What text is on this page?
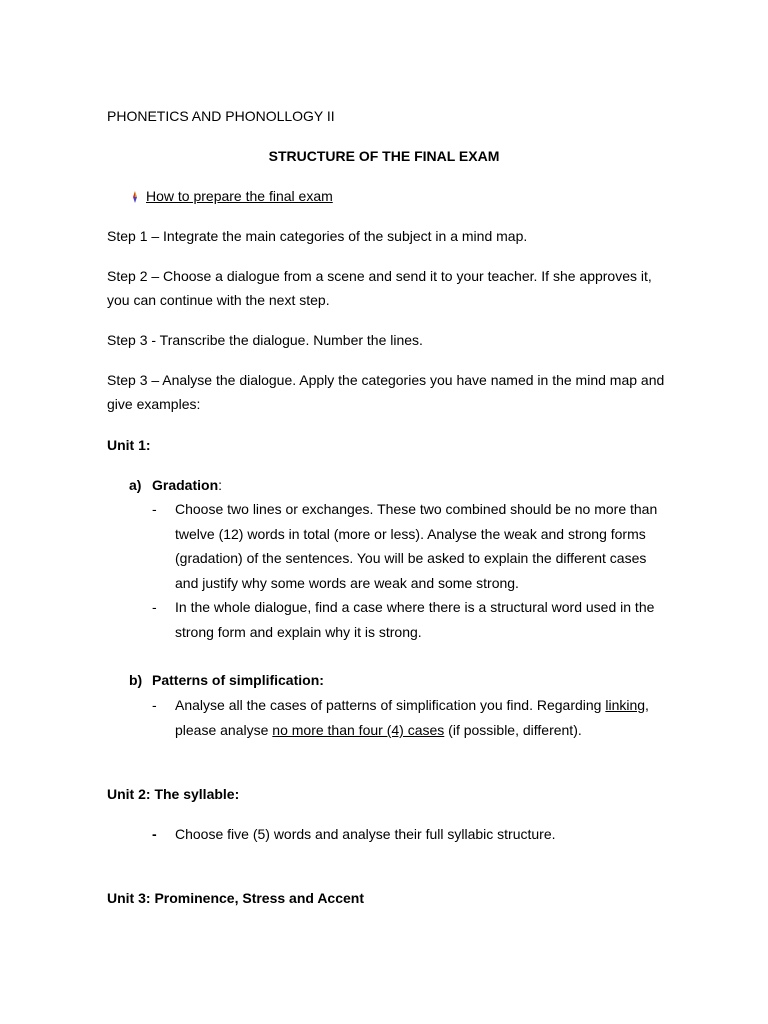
PHONETICS AND PHONOLLOGY II
STRUCTURE OF THE FINAL EXAM
How to prepare the final exam
Step 1 – Integrate the main categories of the subject in a mind map.
Step 2 – Choose a dialogue from a scene and send it to your teacher. If she approves it,
you can continue with the next step.
Step 3 - Transcribe the dialogue. Number the lines.
Step 3 – Analyse the dialogue. Apply the categories you have named in the mind map and
give examples:
Unit 1:
a) Gradation:
- Choose two lines or exchanges. These two combined should be no more than
twelve (12) words in total (more or less). Analyse the weak and strong forms
(gradation) of the sentences. You will be asked to explain the different cases
and justify why some words are weak and some strong.
- In the whole dialogue, find a case where there is a structural word used in the
strong form and explain why it is strong.
b) Patterns of simplification:
- Analyse all the cases of patterns of simplification you find. Regarding linking,
please analyse no more than four (4) cases (if possible, different).
Unit 2: The syllable:
- Choose five (5) words and analyse their full syllabic structure.
Unit 3: Prominence, Stress and Accent
